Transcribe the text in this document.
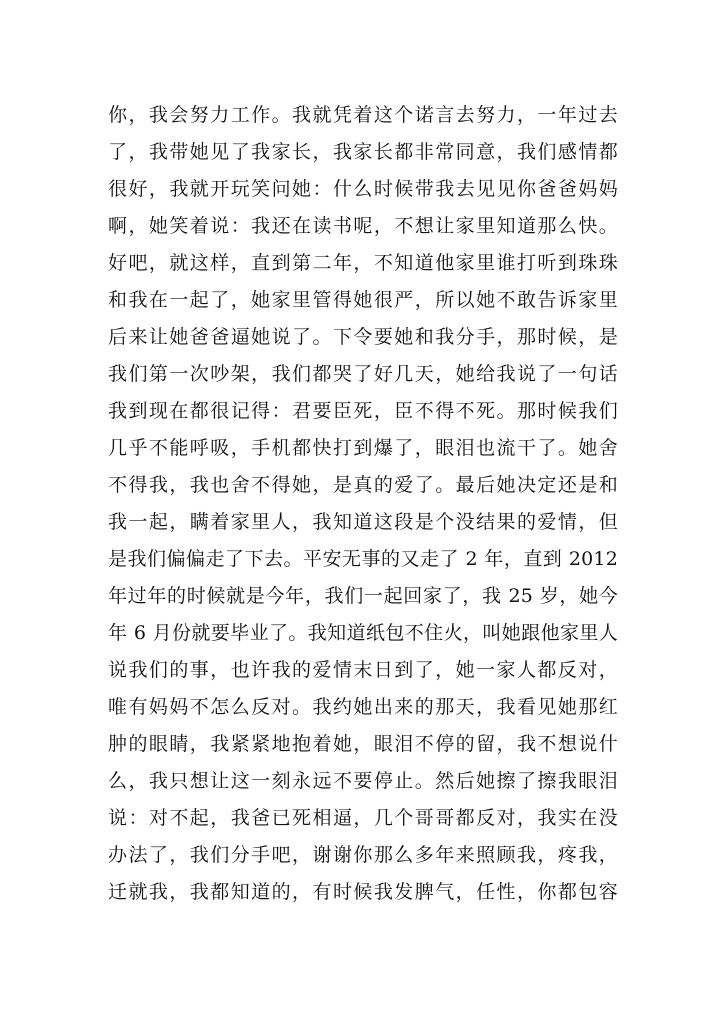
你，我会努力工作。我就凭着这个诺言去努力，一年过去
了，我带她见了我家长，我家长都非常同意，我们感情都
很好，我就开玩笑问她：什么时候带我去见见你爸爸妈妈
啊，她笑着说：我还在读书呢，不想让家里知道那么快。
好吧，就这样，直到第二年，不知道他家里谁打听到珠珠
和我在一起了，她家里管得她很严，所以她不敢告诉家里
后来让她爸爸逼她说了。下令要她和我分手，那时候，是
我们第一次吵架，我们都哭了好几天，她给我说了一句话
我到现在都很记得：君要臣死，臣不得不死。那时候我们
几乎不能呼吸，手机都快打到爆了，眼泪也流干了。她舍
不得我，我也舍不得她，是真的爱了。最后她决定还是和
我一起，瞒着家里人，我知道这段是个没结果的爱情，但
是我们偏偏走了下去。平安无事的又走了 2 年，直到 2012
年过年的时候就是今年，我们一起回家了，我 25 岁，她今
年 6 月份就要毕业了。我知道纸包不住火，叫她跟他家里人
说我们的事，也许我的爱情末日到了，她一家人都反对，
唯有妈妈不怎么反对。我约她出来的那天，我看见她那红
肿的眼睛，我紧紧地抱着她，眼泪不停的留，我不想说什
么，我只想让这一刻永远不要停止。然后她擦了擦我眼泪
说：对不起，我爸已死相逼，几个哥哥都反对，我实在没
办法了，我们分手吧，谢谢你那么多年来照顾我，疼我，
迁就我，我都知道的，有时候我发脾气，任性，你都包容
